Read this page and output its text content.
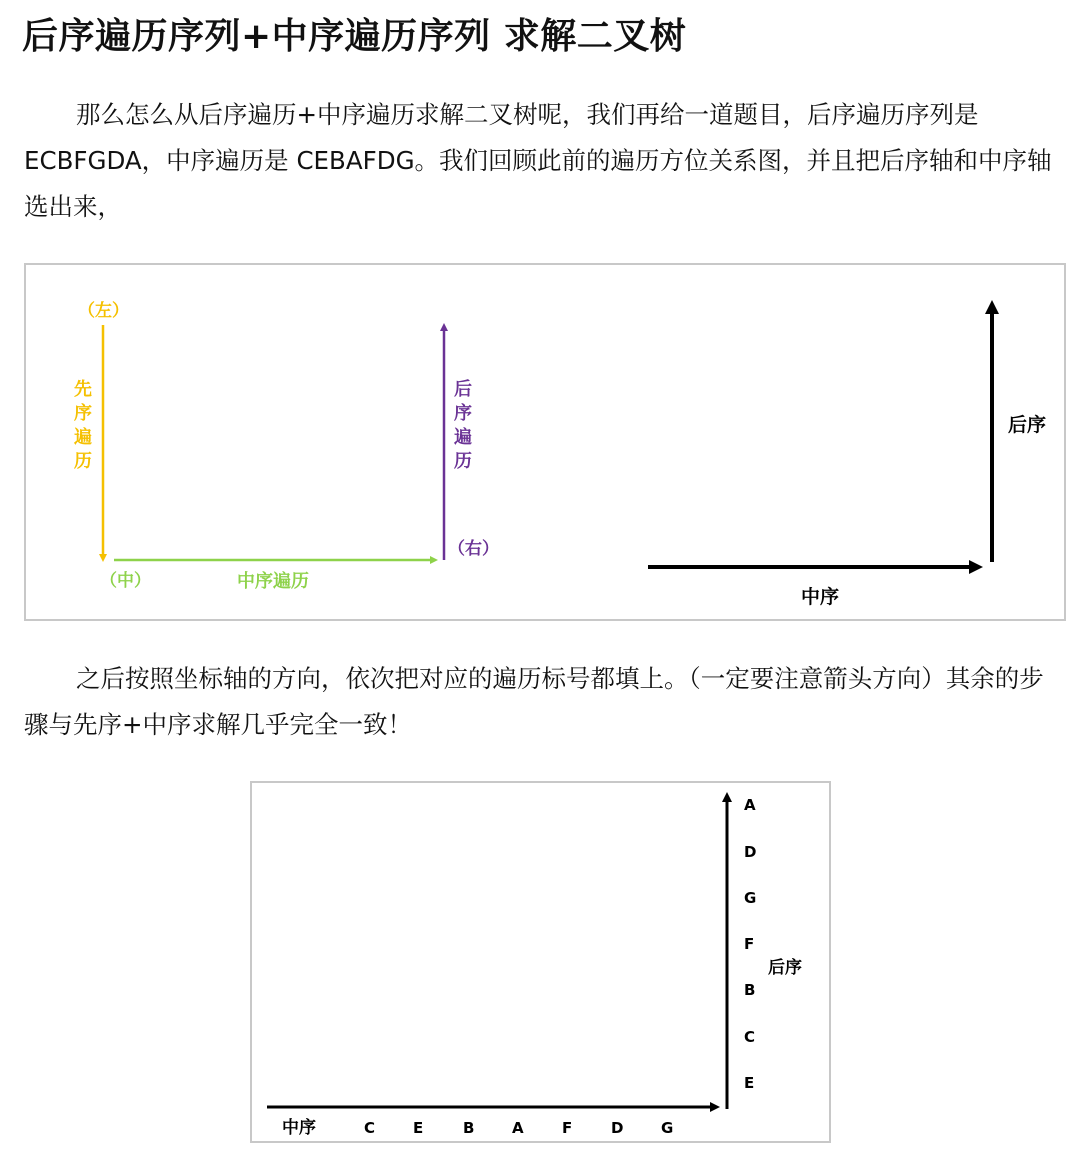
后序遍历序列+中序遍历序列 求解二叉树

那么怎么从后序遍历+中序遍历求解二叉树呢，我们再给一道题目，后序遍历序列是 ECBFGDA，中序遍历是 CEBAFDG。我们回顾此前的遍历方位关系图，并且把后序轴和中序轴选出来，

（左）
先
序
遍
历
（中）	中序遍历
（右）
后
序
遍
历
后序
中序

之后按照坐标轴的方向，依次把对应的遍历标号都填上。（一定要注意箭头方向）其余的步骤与先序+中序求解几乎完全一致！

后序
中序
A
D
G
F
B
C
E
C	E	B	A	F	D	G
